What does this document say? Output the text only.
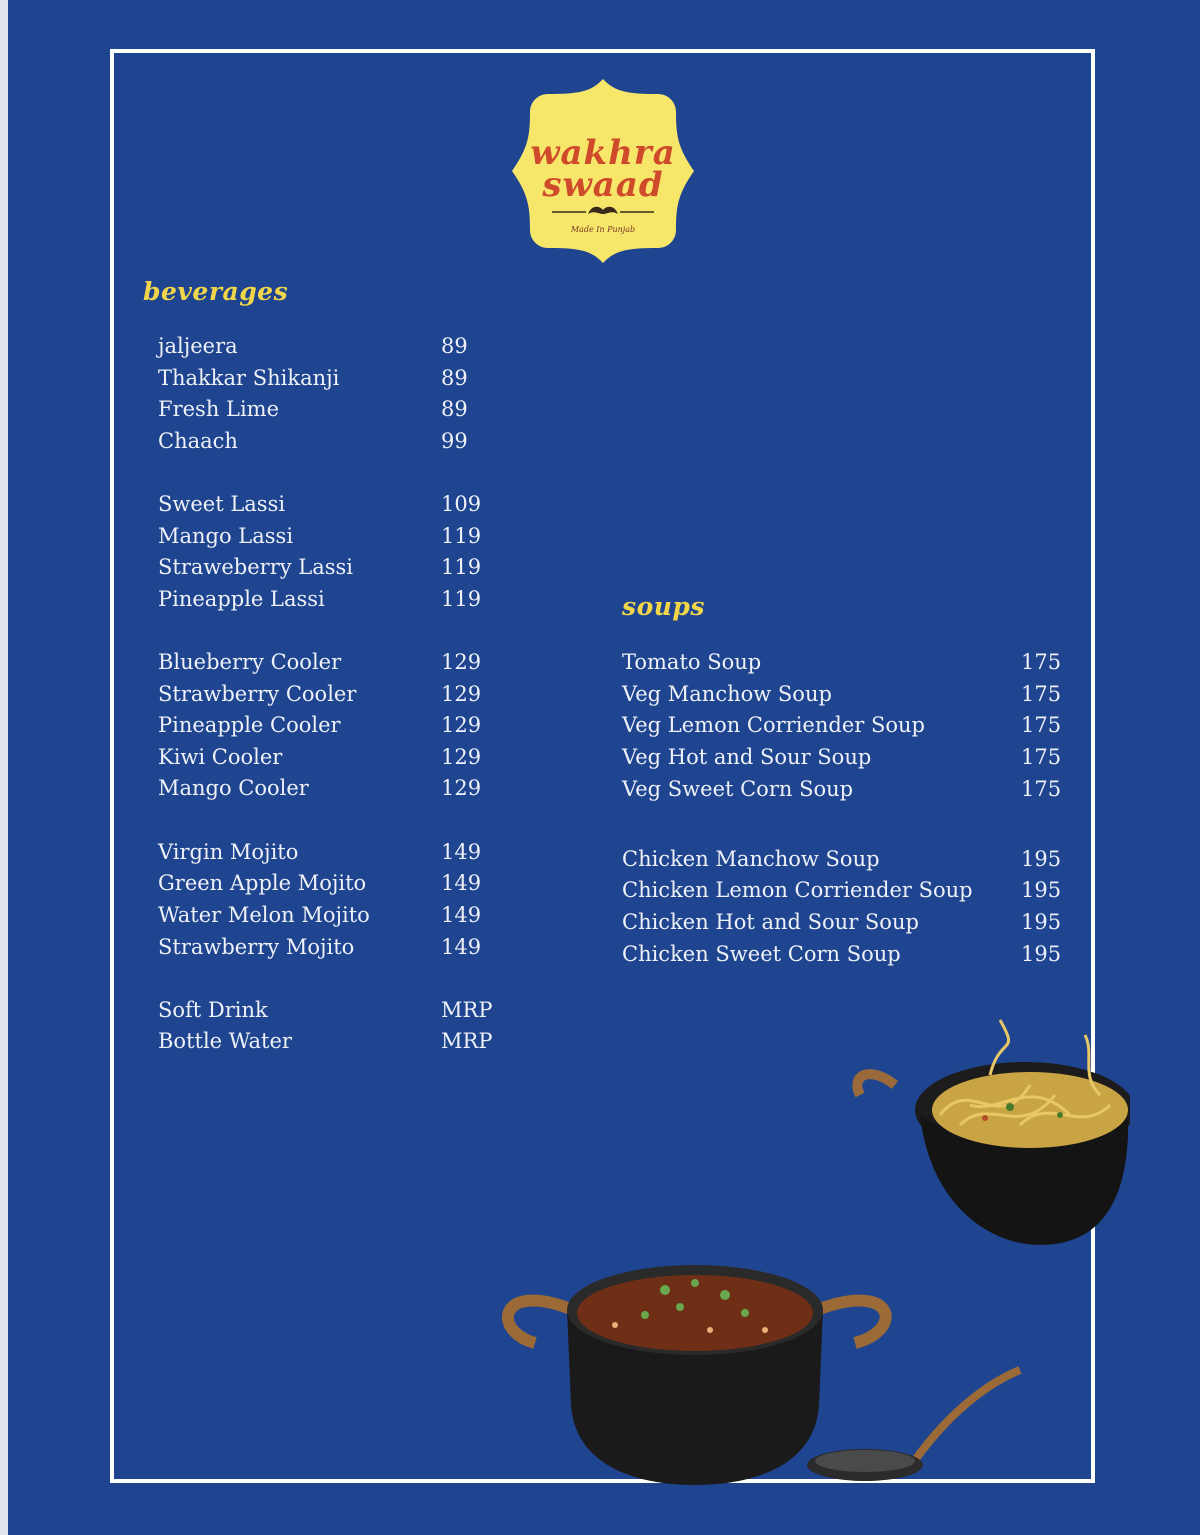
wakhra
swaad
Made In Punjab
beverages
jaljeera	89
Thakkar Shikanji	89
Fresh Lime	89
Chaach	99
Sweet Lassi	109
Mango Lassi	119
Straweberry Lassi	119
Pineapple Lassi	119
Blueberry Cooler	129
Strawberry Cooler	129
Pineapple Cooler	129
Kiwi Cooler	129
Mango Cooler	129
Virgin Mojito	149
Green Apple Mojito	149
Water Melon Mojito	149
Strawberry Mojito	149
Soft Drink	MRP
Bottle Water	MRP
soups
Tomato Soup	175
Veg Manchow Soup	175
Veg Lemon Corriender Soup	175
Veg Hot and Sour Soup	175
Veg Sweet Corn Soup	175
Chicken Manchow Soup	195
Chicken Lemon Corriender Soup 195
Chicken Hot and Sour Soup	195
Chicken Sweet Corn Soup	195
